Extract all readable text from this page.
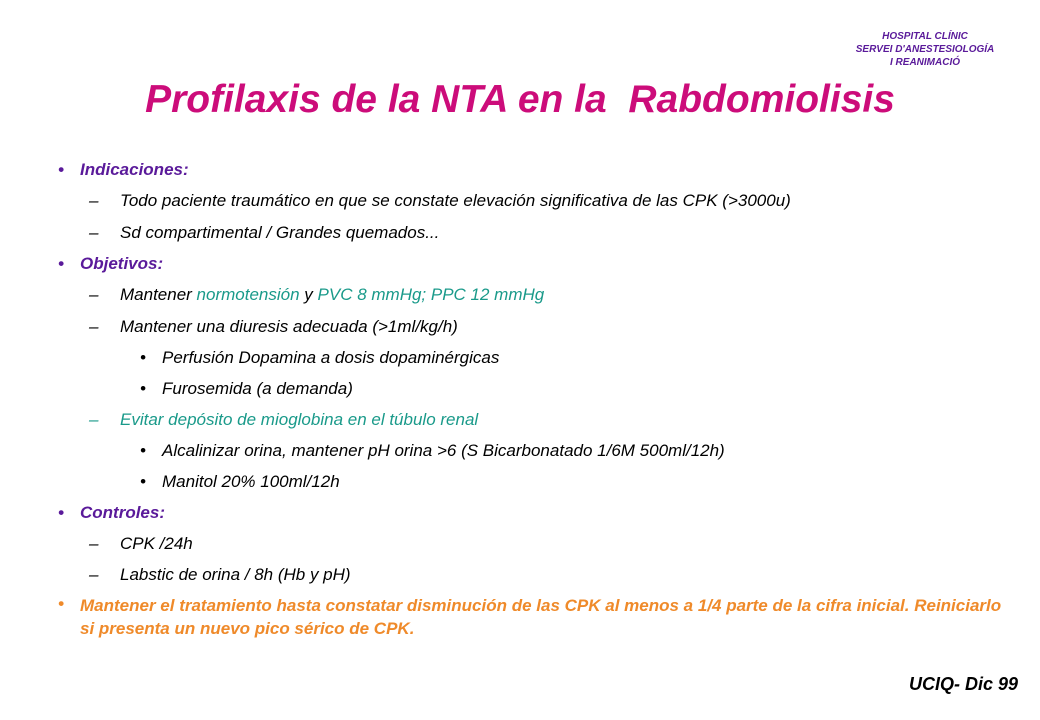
HOSPITAL CLÍNIC
SERVEI D'ANESTESIOLOGÍA
I REANIMACIÓ
Profilaxis de la NTA en la  Rabdomiolisis
• Indicaciones:
– Todo paciente traumático en que se constate elevación significativa de las CPK (>3000u)
– Sd compartimental / Grandes quemados...
• Objetivos:
– Mantener normotensión y PVC 8 mmHg; PPC 12 mmHg
– Mantener una diuresis adecuada (>1ml/kg/h)
• Perfusión Dopamina a dosis dopaminérgicas
• Furosemida (a demanda)
– Evitar depósito de mioglobina en el túbulo renal
• Alcalinizar orina, mantener pH orina >6 (S Bicarbonatado 1/6M 500ml/12h)
• Manitol 20% 100ml/12h
• Controles:
– CPK /24h
– Labstic de orina / 8h (Hb y pH)
• Mantener el tratamiento hasta constatar disminución de las CPK al menos a 1/4 parte de la cifra inicial. Reiniciarlo si presenta un nuevo pico sérico de CPK.
UCIQ- Dic 99
